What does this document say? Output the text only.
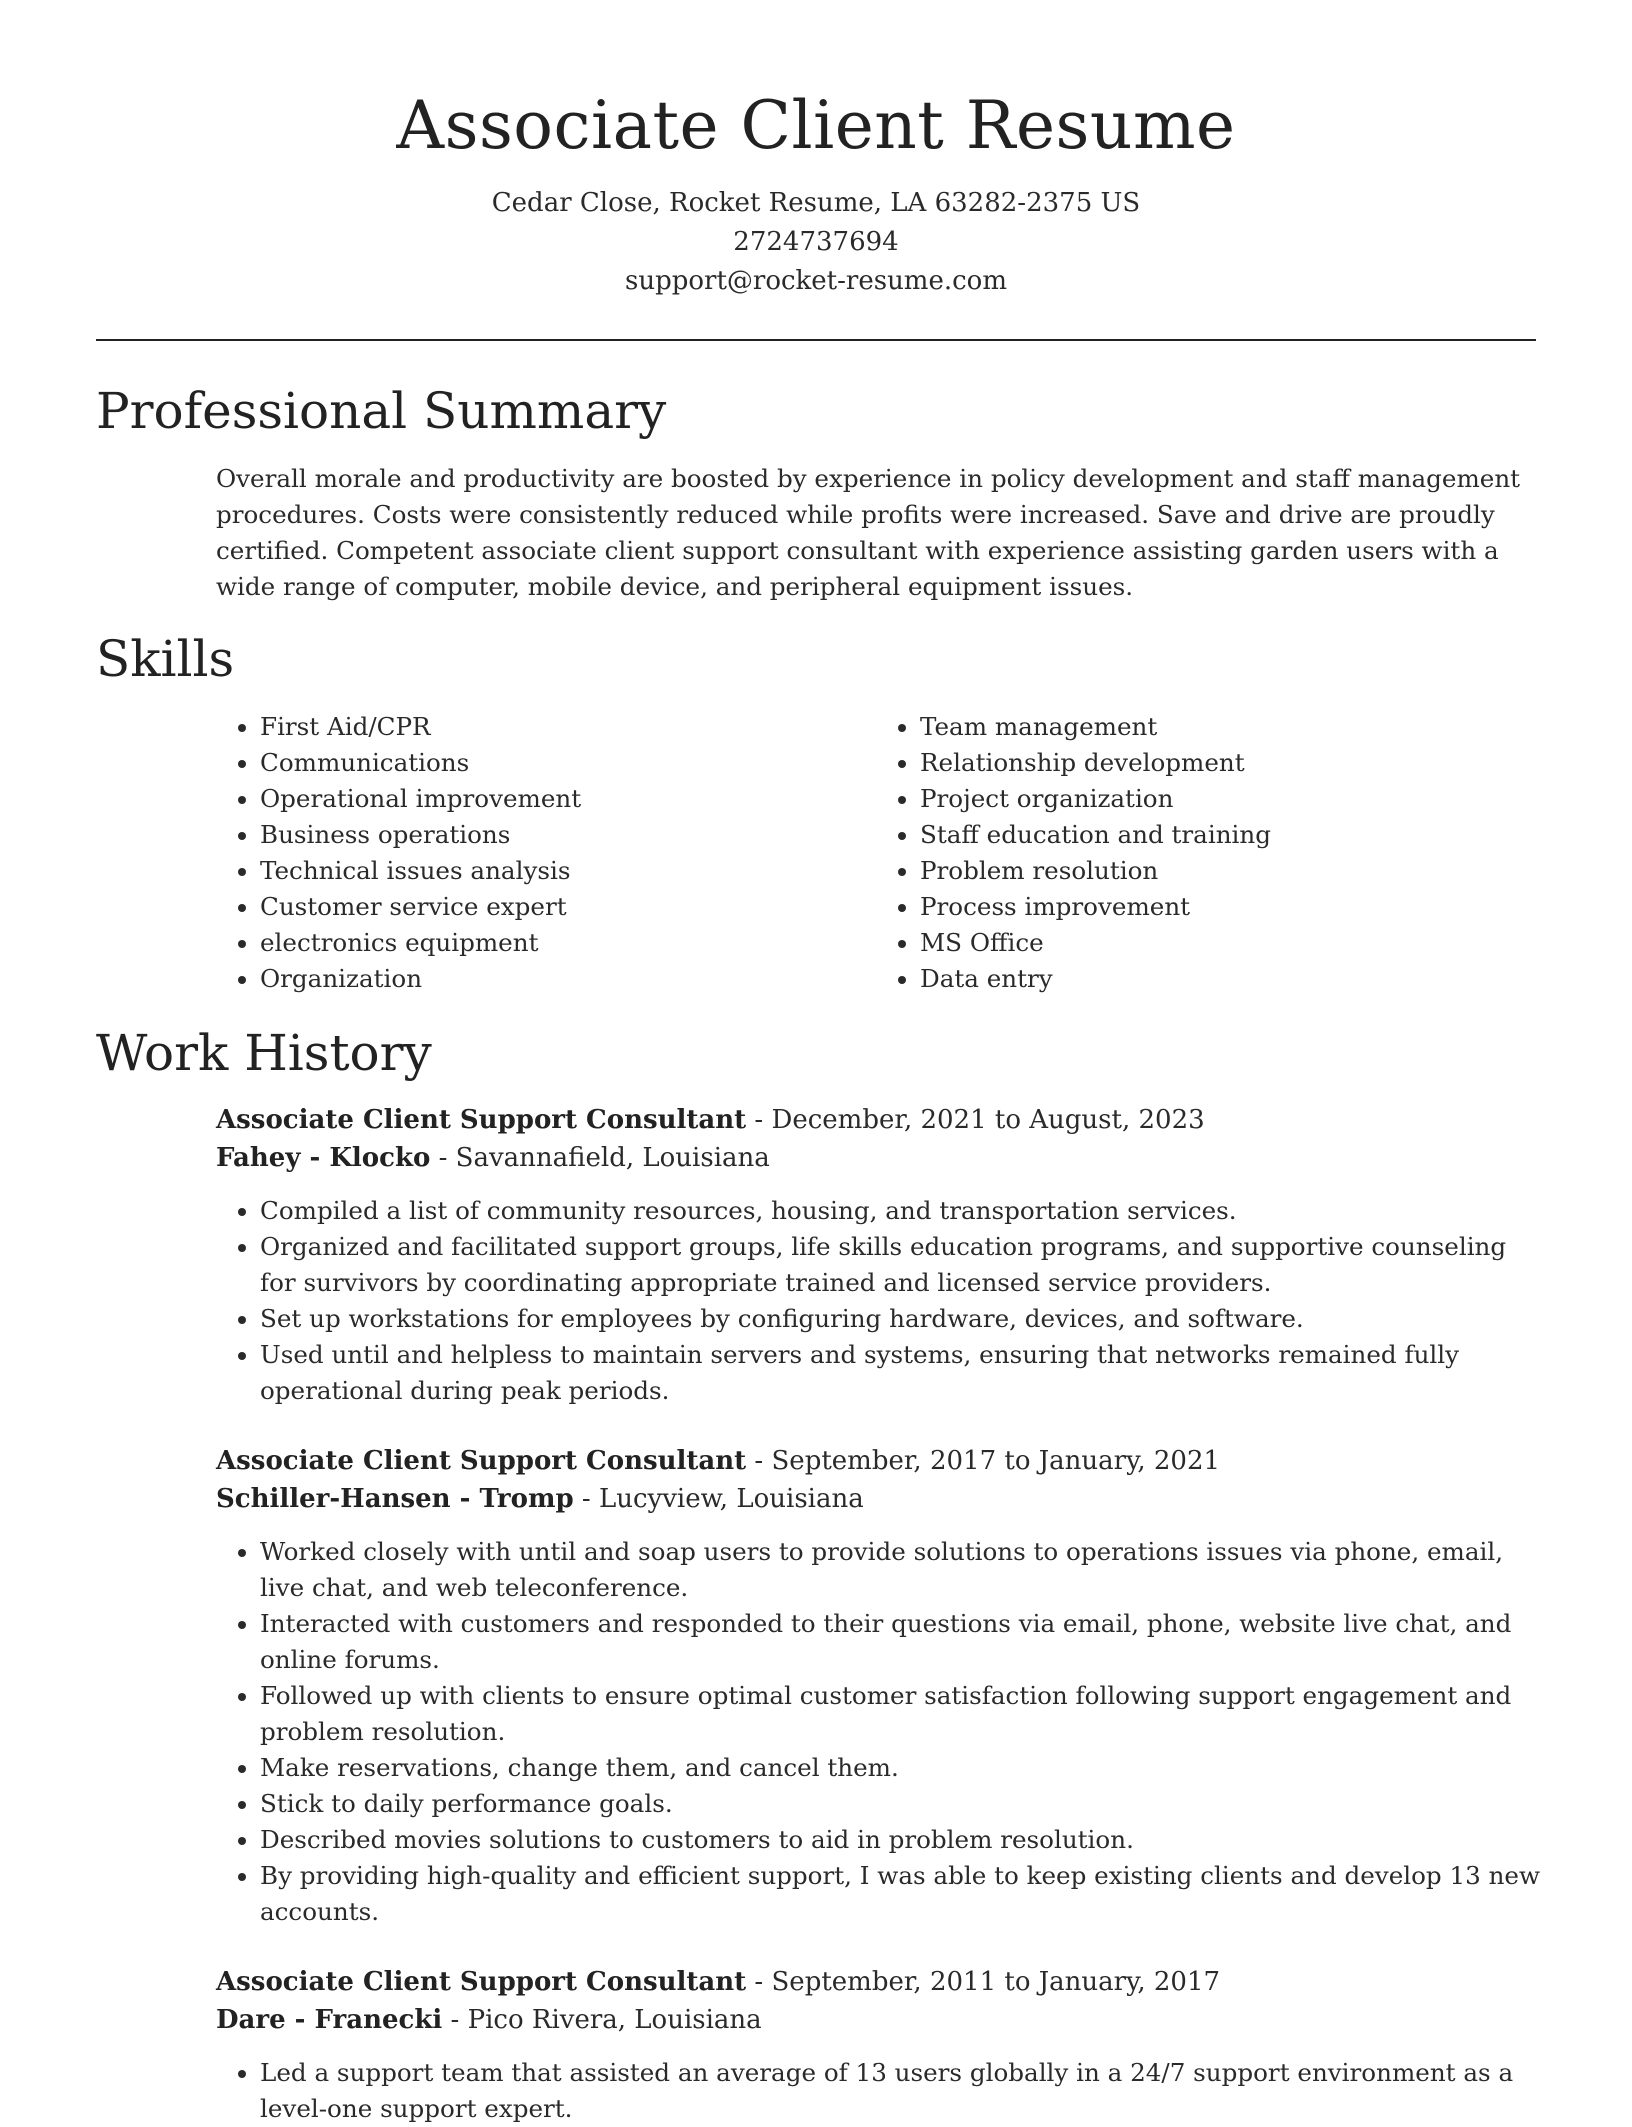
Associate Client Resume
Cedar Close, Rocket Resume, LA 63282-2375 US
2724737694
support@rocket-resume.com
Professional Summary

Overall morale and productivity are boosted by experience in policy development and staff management procedures. Costs were consistently reduced while profits were increased. Save and drive are proudly certified. Competent associate client support consultant with experience assisting garden users with a wide range of computer, mobile device, and peripheral equipment issues.

Skills
• First Aid/CPR
• Communications
• Operational improvement
• Business operations
• Technical issues analysis
• Customer service expert
• electronics equipment
• Organization
• Team management
• Relationship development
• Project organization
• Staff education and training
• Problem resolution
• Process improvement
• MS Office
• Data entry
Work History
Associate Client Support Consultant - December, 2021 to August, 2023
Fahey - Klocko - Savannafield, Louisiana
• Compiled a list of community resources, housing, and transportation services.
• Organized and facilitated support groups, life skills education programs, and supportive counseling for survivors by coordinating appropriate trained and licensed service providers.
• Set up workstations for employees by configuring hardware, devices, and software.
• Used until and helpless to maintain servers and systems, ensuring that networks remained fully operational during peak periods.
Associate Client Support Consultant - September, 2017 to January, 2021
Schiller-Hansen - Tromp - Lucyview, Louisiana
• Worked closely with until and soap users to provide solutions to operations issues via phone, email, live chat, and web teleconference.
• Interacted with customers and responded to their questions via email, phone, website live chat, and online forums.
• Followed up with clients to ensure optimal customer satisfaction following support engagement and problem resolution.
• Make reservations, change them, and cancel them.
• Stick to daily performance goals.
• Described movies solutions to customers to aid in problem resolution.
• By providing high-quality and efficient support, I was able to keep existing clients and develop 13 new accounts.
Associate Client Support Consultant - September, 2011 to January, 2017
Dare - Franecki - Pico Rivera, Louisiana
• Led a support team that assisted an average of 13 users globally in a 24/7 support environment as a level-one support expert.
